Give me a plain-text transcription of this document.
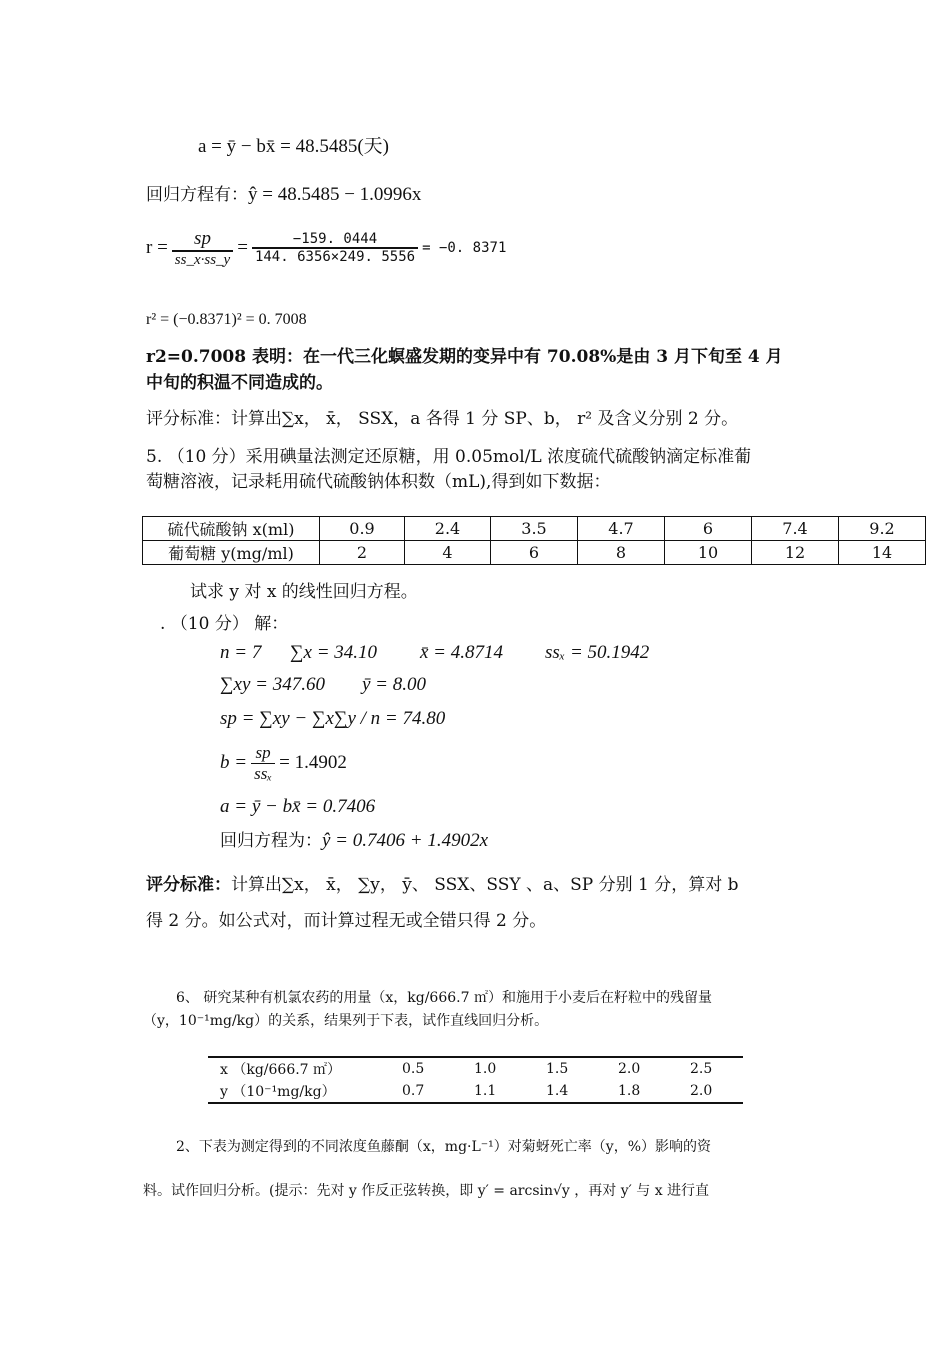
a = ȳ − bx̄ = 48.5485(天)
回归方程有：ŷ = 48.5485 − 1.0996x
$r = \frac{sp}{ss\_x\cdot ss\_y} = \frac{-159. 0444}{144. 6356\times 249. 5556} = -0$. 8371
r² = (−0.8371)² = 0. 7008
r2=0.7008 表明：在一代三化螟盛发期的变异中有 70.08%是由 3 月下旬至 4 月
中旬的积温不同造成的。
评分标准：计算出∑x， x̄， SSX，a 各得 1 分 SP、b， r² 及含义分别 2 分。
5. （10 分）采用碘量法测定还原糖，用 0.05mol/L 浓度硫代硫酸钠滴定标准葡
萄糖溶液，记录耗用硫代硫酸钠体积数（mL),得到如下数据：
硫代硫酸钠 x(ml)	0.9	2.4	3.5	4.7	6	7.4	9.2
葡萄糖 y(mg/ml)	2	4	6	8	10	12	14
试求 y 对 x 的线性回归方程。
. （10 分） 解：
n = 7 ∑x = 34.10 x̄ = 4.8714 ssₓ = 50.1942
∑xy = 347.60 ȳ = 8.00
sp = ∑xy − ∑x∑y / n = 74.80
$b = \frac{sp}{\text{ssₓ}} = 1.4902$
a = ȳ − bx̄ = 0.7406
回归方程为：ŷ = 0.7406 + 1.4902x
评分标准：计算出∑x， x̄， ∑y， ȳ、 SSX、SSY 、a、SP 分别 1 分，算对 b
得 2 分。如公式对，而计算过程无或全错只得 2 分。
6、 研究某种有机氯农药的用量（x，kg/666.7 ㎡）和施用于小麦后在籽粒中的残留量
（y，10⁻¹mg/kg）的关系，结果列于下表，试作直线回归分析。
x （kg/666.7 ㎡）	0.5	1.0	1.5	2.0	2.5
y （10⁻¹mg/kg）	0.7	1.1	1.4	1.8	2.0
2、下表为测定得到的不同浓度鱼藤酮（x，mg·L⁻¹）对菊蚜死亡率（y，%）影响的资
料。试作回归分析。(提示：先对 y 作反正弦转换，即 y′ = arcsin√y ，再对 y′ 与 x 进行直
